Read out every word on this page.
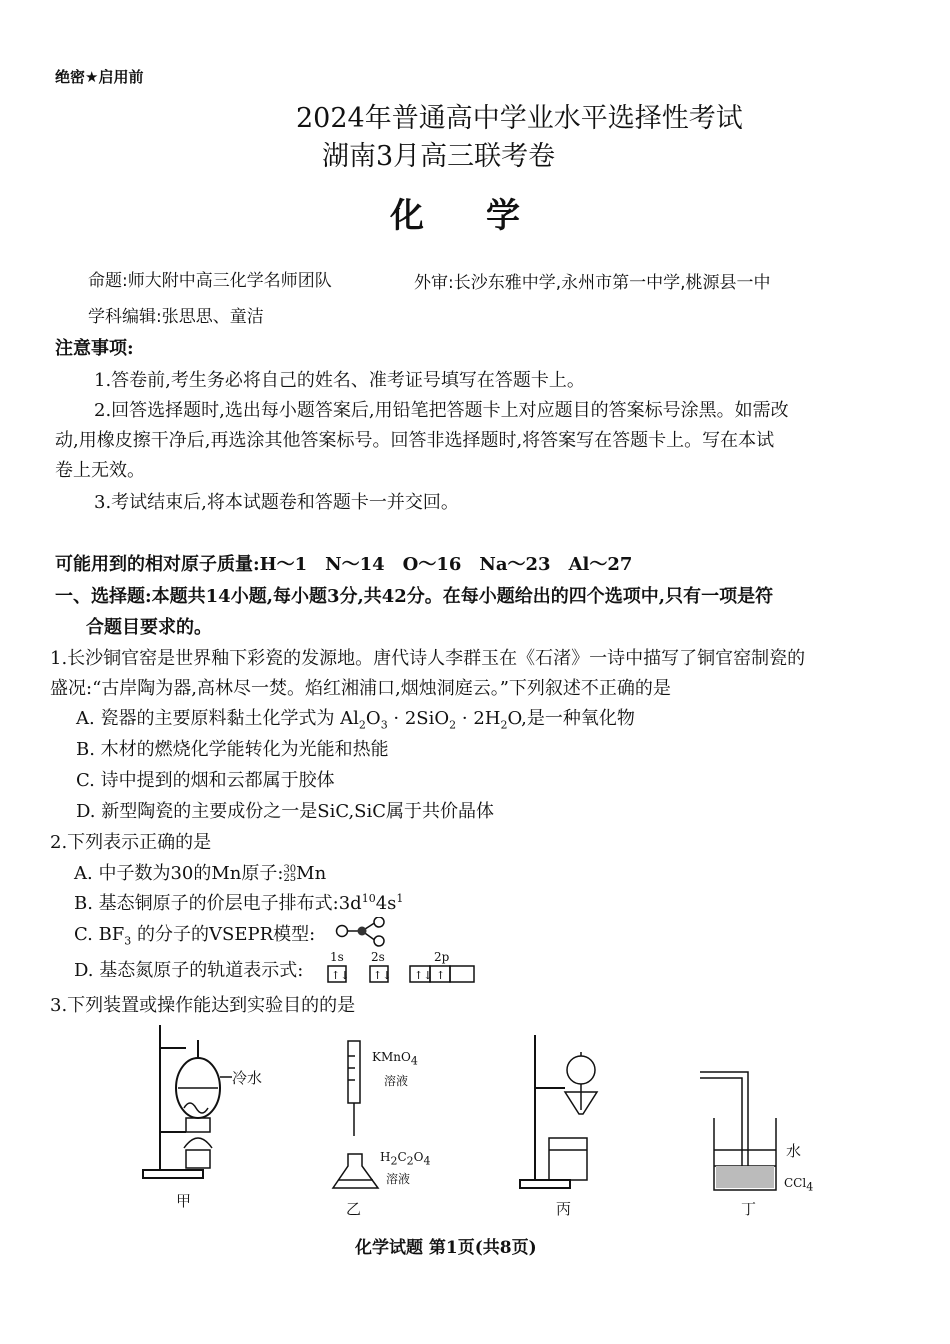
绝密★启用前
2024年普通高中学业水平选择性考试
湖南3月高三联考卷
化学
命题:师大附中高三化学名师团队	外审:长沙东雅中学,永州市第一中学,桃源县一中
学科编辑:张思思、童洁
注意事项:
1.答卷前,考生务必将自己的姓名、准考证号填写在答题卡上。
2.回答选择题时,选出每小题答案后,用铅笔把答题卡上对应题目的答案标号涂黑。如需改
动,用橡皮擦干净后,再选涂其他答案标号。回答非选择题时,将答案写在答题卡上。写在本试
卷上无效。
3.考试结束后,将本试题卷和答题卡一并交回。
可能用到的相对原子质量:H～1　N～14　O～16　Na～23　Al～27
一、选择题:本题共14小题,每小题3分,共42分。在每小题给出的四个选项中,只有一项是符
合题目要求的。
1.长沙铜官窑是世界釉下彩瓷的发源地。唐代诗人李群玉在《石渚》一诗中描写了铜官窑制瓷的
盛况:“古岸陶为器,高林尽一焚。焰红湘浦口,烟烛洞庭云。”下列叙述不正确的是
A. 瓷器的主要原料黏土化学式为 $Al_2O_3 \cdot 2SiO_2 \cdot 2H_2O$,是一种氧化物
B. 木材的燃烧化学能转化为光能和热能
C. 诗中提到的烟和云都属于胶体
D. 新型陶瓷的主要成份之一是SiC,SiC属于共价晶体
2.下列表示正确的是
A. 中子数为30的Mn原子: 30
25 Mn
B. 基态铜原子的价层电子排布式$:3d^{10}4s^1$
C. $BF_3$ 的分子的VSEPR模型:
D. 基态氮原子的轨道表示式:
1s 2s	2p
↑↓ ↑↓ ↑↓ ↑
3.下列装置或操作能达到实验目的的是
冷水
甲
KMnO$_4$
溶液
$H_2C_2O_4$
溶液
乙	丙
水
CCl$_4$
丁
化学试题 第1页(共8页)
